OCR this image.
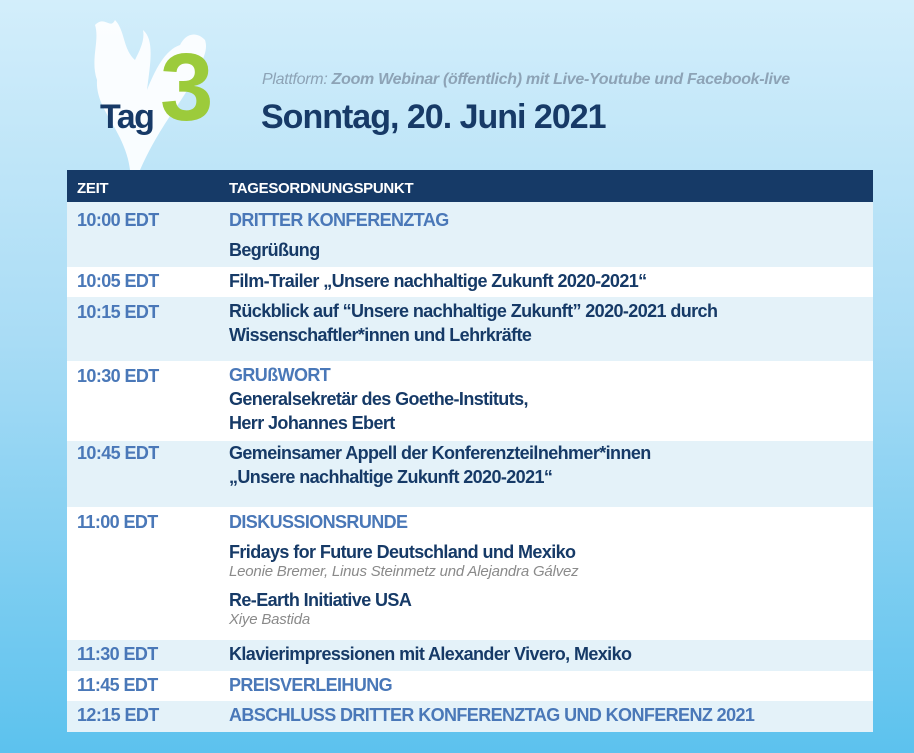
Tag 3	Plattform: Zoom Webinar (öffentlich) mit Live-Youtube und Facebook-live
Sonntag, 20. Juni 2021
ZEIT	TAGESORDNUNGSPUNKT
10:00 EDT	DRITTER KONFERENZTAG
Begrüßung

10:05 EDT	Film-Trailer „Unsere nachhaltige Zukunft 2020-2021“
10:15 EDT	Rückblick auf “Unsere nachhaltige Zukunft” 2020-2021 durch
Wissenschaftler*innen und Lehrkräfte

10:30 EDT	GRUßWORT
Generalsekretär des Goethe-Instituts,
Herr Johannes Ebert

10:45 EDT	Gemeinsamer Appell der Konferenzteilnehmer*innen
„Unsere nachhaltige Zukunft 2020-2021“

11:00 EDT	DISKUSSIONSRUNDE
Fridays for Future Deutschland und Mexiko
Leonie Bremer, Linus Steinmetz und Alejandra Gálvez
Re-Earth Initiative USA
Xiye Bastida

11:30 EDT	Klavierimpressionen mit Alexander Vivero, Mexiko
11:45 EDT	PREISVERLEIHUNG
12:15 EDT	ABSCHLUSS DRITTER KONFERENZTAG UND KONFERENZ 2021
